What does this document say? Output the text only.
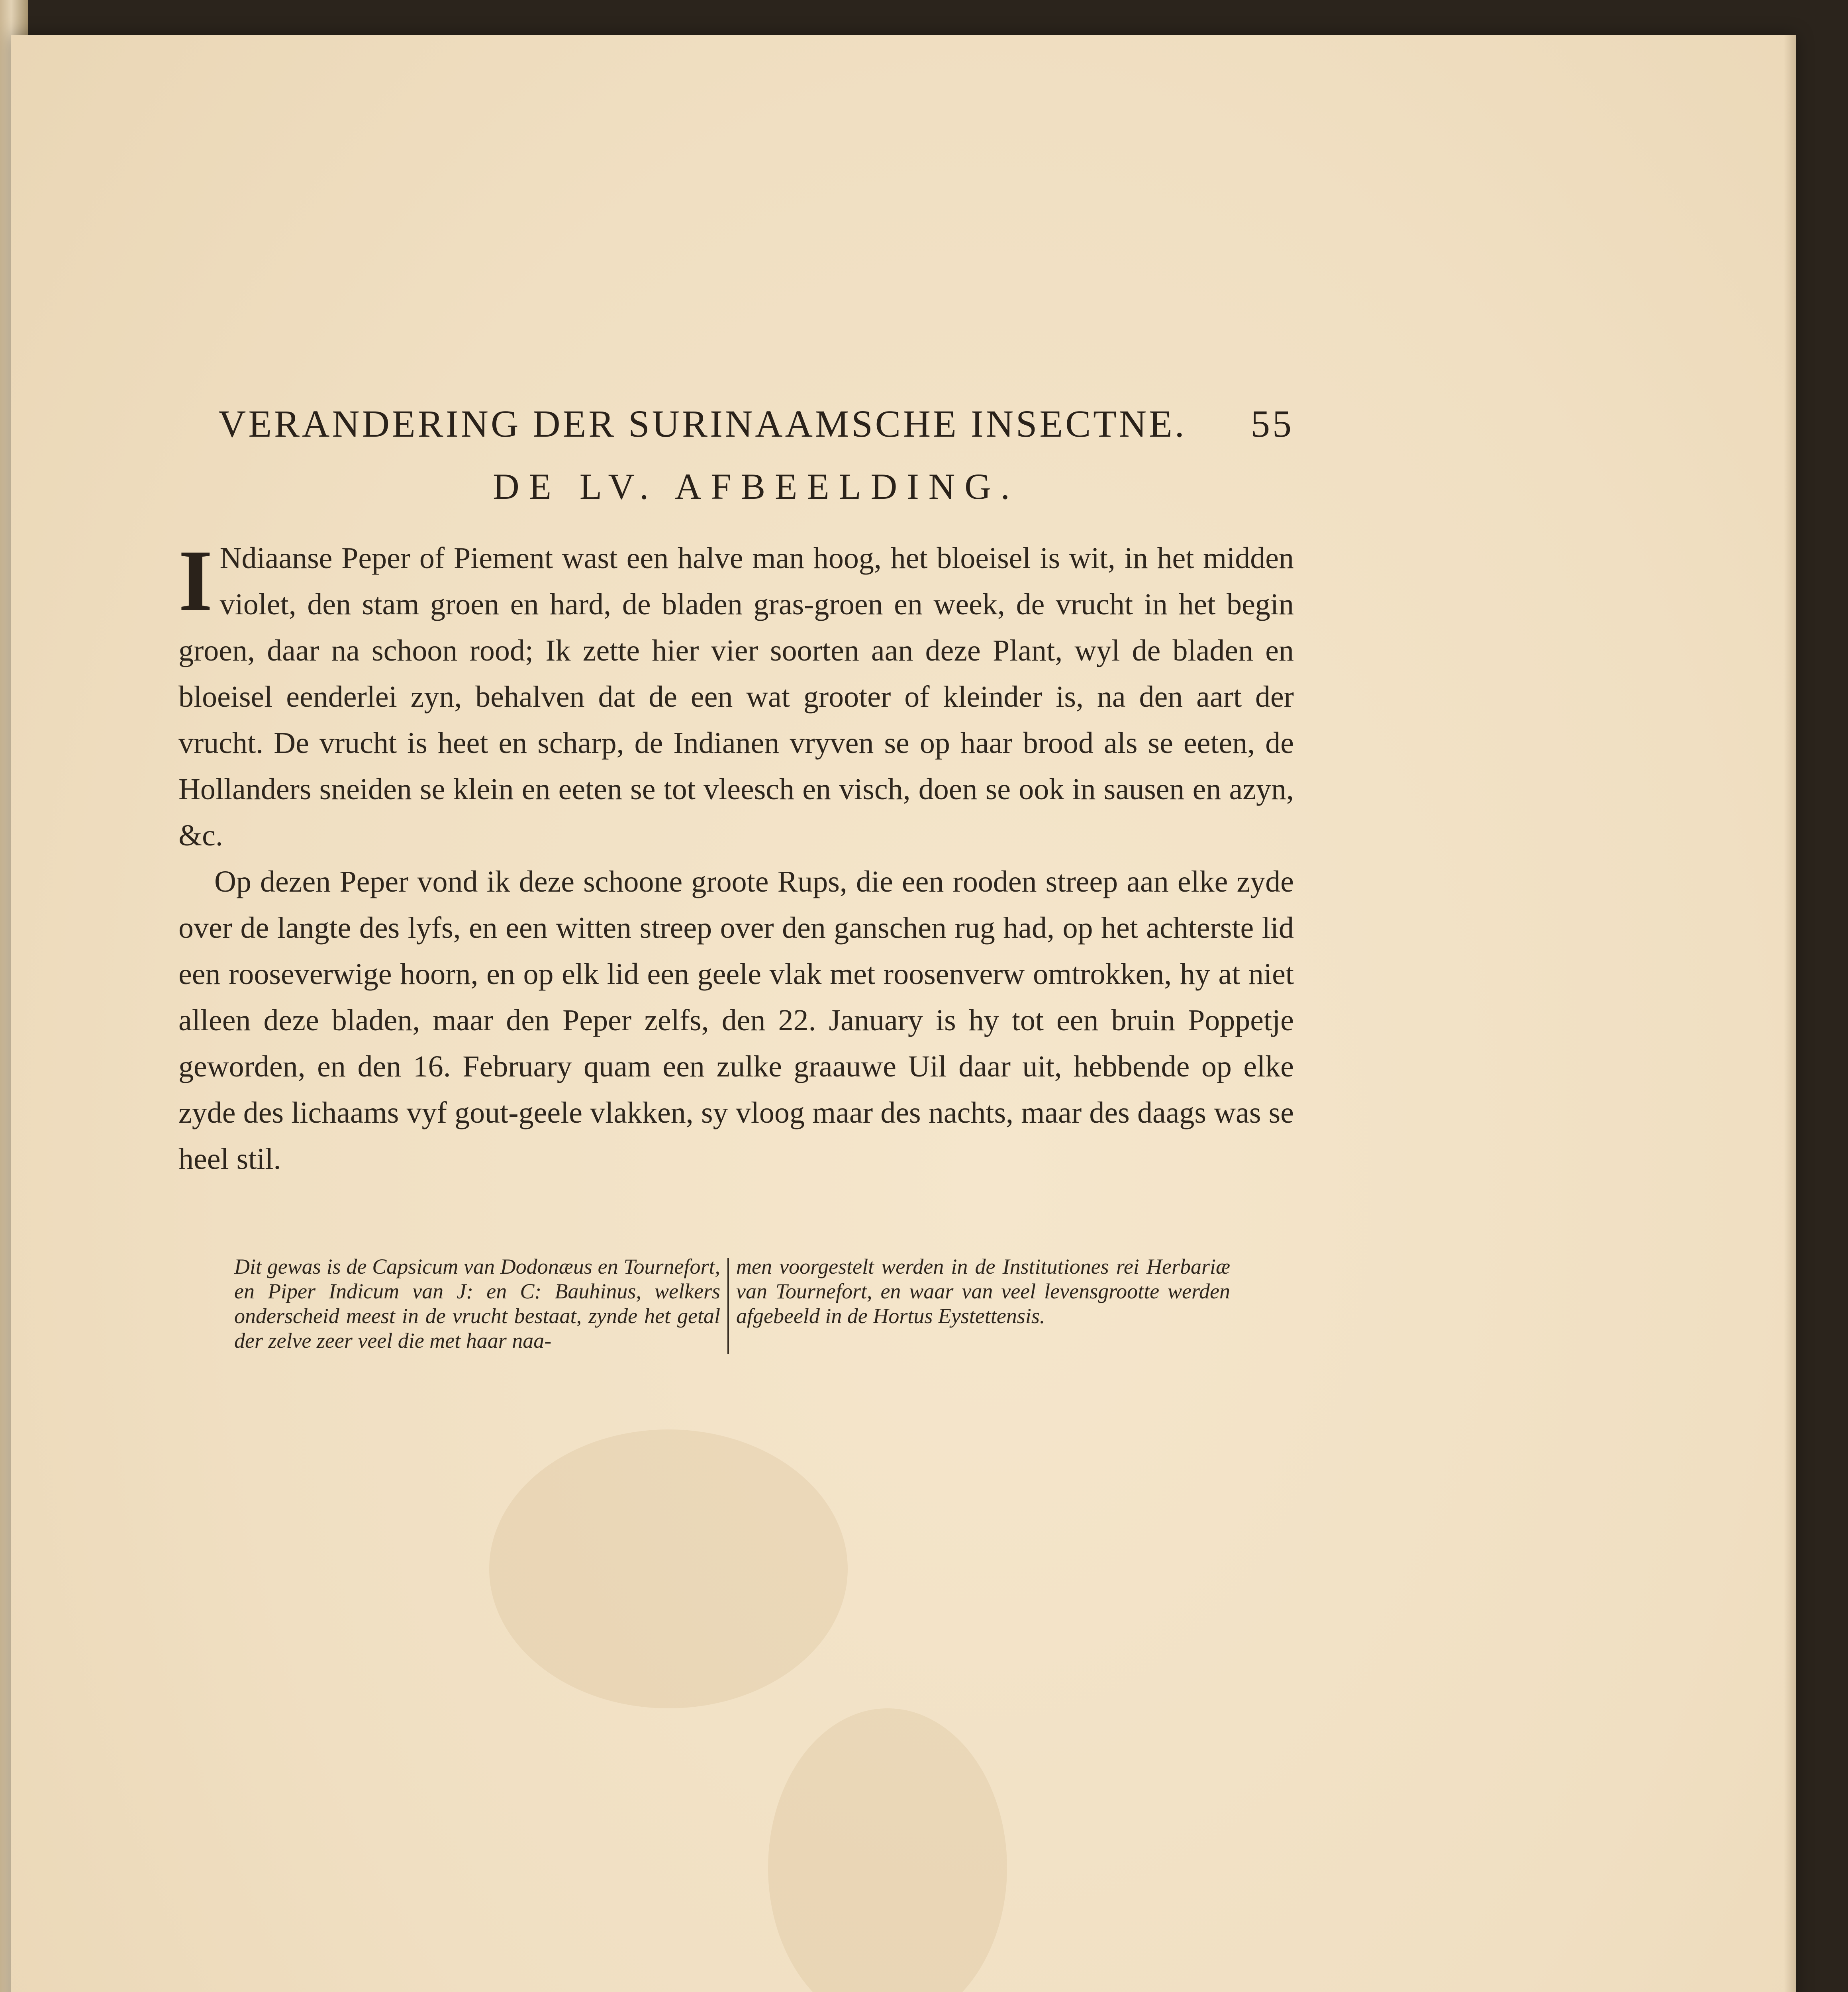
VERANDERING DER SURINAAMSCHE INSECTNE. 55
DE LV. AFBEELDING.

I Ndiaanse Peper of Piement wast een halve man hoog, het bloeisel is wit, in het midden violet, den stam groen en hard, de bladen gras-groen en week, de vrucht in het begin groen, daar na schoon rood; Ik zette hier vier soorten aan deze Plant, wyl de bladen en bloeisel eenderlei zyn, behalven dat de een wat grooter of kleinder is, na den aart der vrucht. De vrucht is heet en scharp, de Indianen vryven se op haar brood als se eeten, de Hollanders sneiden se klein en eeten se tot vleesch en visch, doen se ook in sausen en azyn, &c.

Op dezen Peper vond ik deze schoone groote Rups, die een rooden streep aan elke zyde over de langte des lyfs, en een witten streep over den ganschen rug had, op het achterste lid een rooseverwige hoorn, en op elk lid een geele vlak met roosenverw omtrokken, hy at niet alleen deze bladen, maar den Peper zelfs, den 22. January is hy tot een bruin Poppetje geworden, en den 16. February quam een zulke graauwe Uil daar uit, hebbende op elke zyde des lichaams vyf gout-geele vlakken, sy vloog maar des nachts, maar des daags was se heel stil.

Dit gewas is de Capsicum van Dodonæus en Tournefort, en Piper Indicum van J: en C: Bauhinus, welkers onderscheid meest in de vrucht bestaat, zynde het getal der zelve zeer veel die met haar naa-
men voorgestelt werden in de Institutiones rei Herbariæ van Tournefort, en waar van veel levensgrootte werden afgebeeld in de Hortus Eystettensis.
